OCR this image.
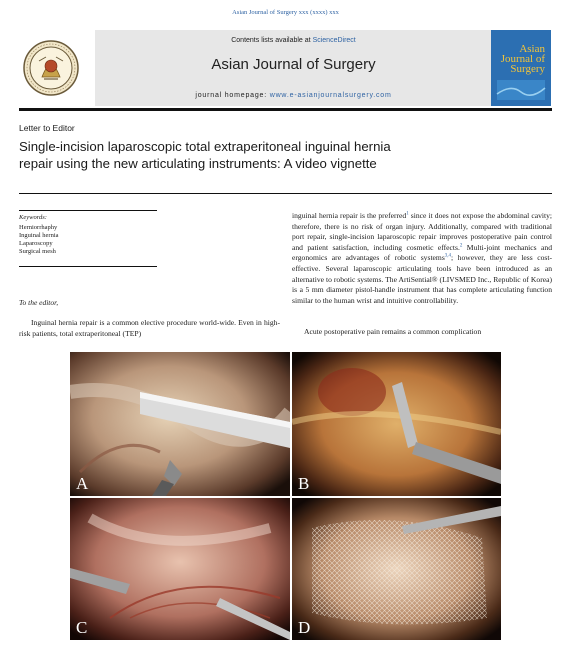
Asian Journal of Surgery xxx (xxxx) xxx
Contents lists available at ScienceDirect
Asian Journal of Surgery
journal homepage: www.e-asianjournalsurgery.com
Asian
Journal of
Surgery
Letter to Editor
Single-incision laparoscopic total extraperitoneal inguinal hernia
repair using the new articulating instruments: A video vignette
Keywords:
Herniorrhaphy
Inguinal hernia
Laparoscopy
Surgical mesh
To the editor,
Inguinal hernia repair is a common elective procedure world-wide. Even in high-risk patients, total extraperitoneal (TEP)
inguinal hernia repair is the preferred$^1$ since it does not expose the abdominal cavity; therefore, there is no risk of organ injury. Additionally, compared with traditional port repair, single-incision laparoscopic repair improves postoperative pain control and patient satisfaction, including cosmetic effects.$^2$ Multi-joint mechanics and ergonomics are advantages of robotic systems$^{3,4}$; however, they are less cost-effective. Several laparoscopic articulating tools have been introduced as an alternative to robotic systems. The ArtiSential® (LIVSMED Inc., Republic of Korea) is a 5 mm diameter pistol-handle instrument that has complete articulating function similar to the human wrist and intuitive controllability.
Acute postoperative pain remains a common complication
A	B
C	D
